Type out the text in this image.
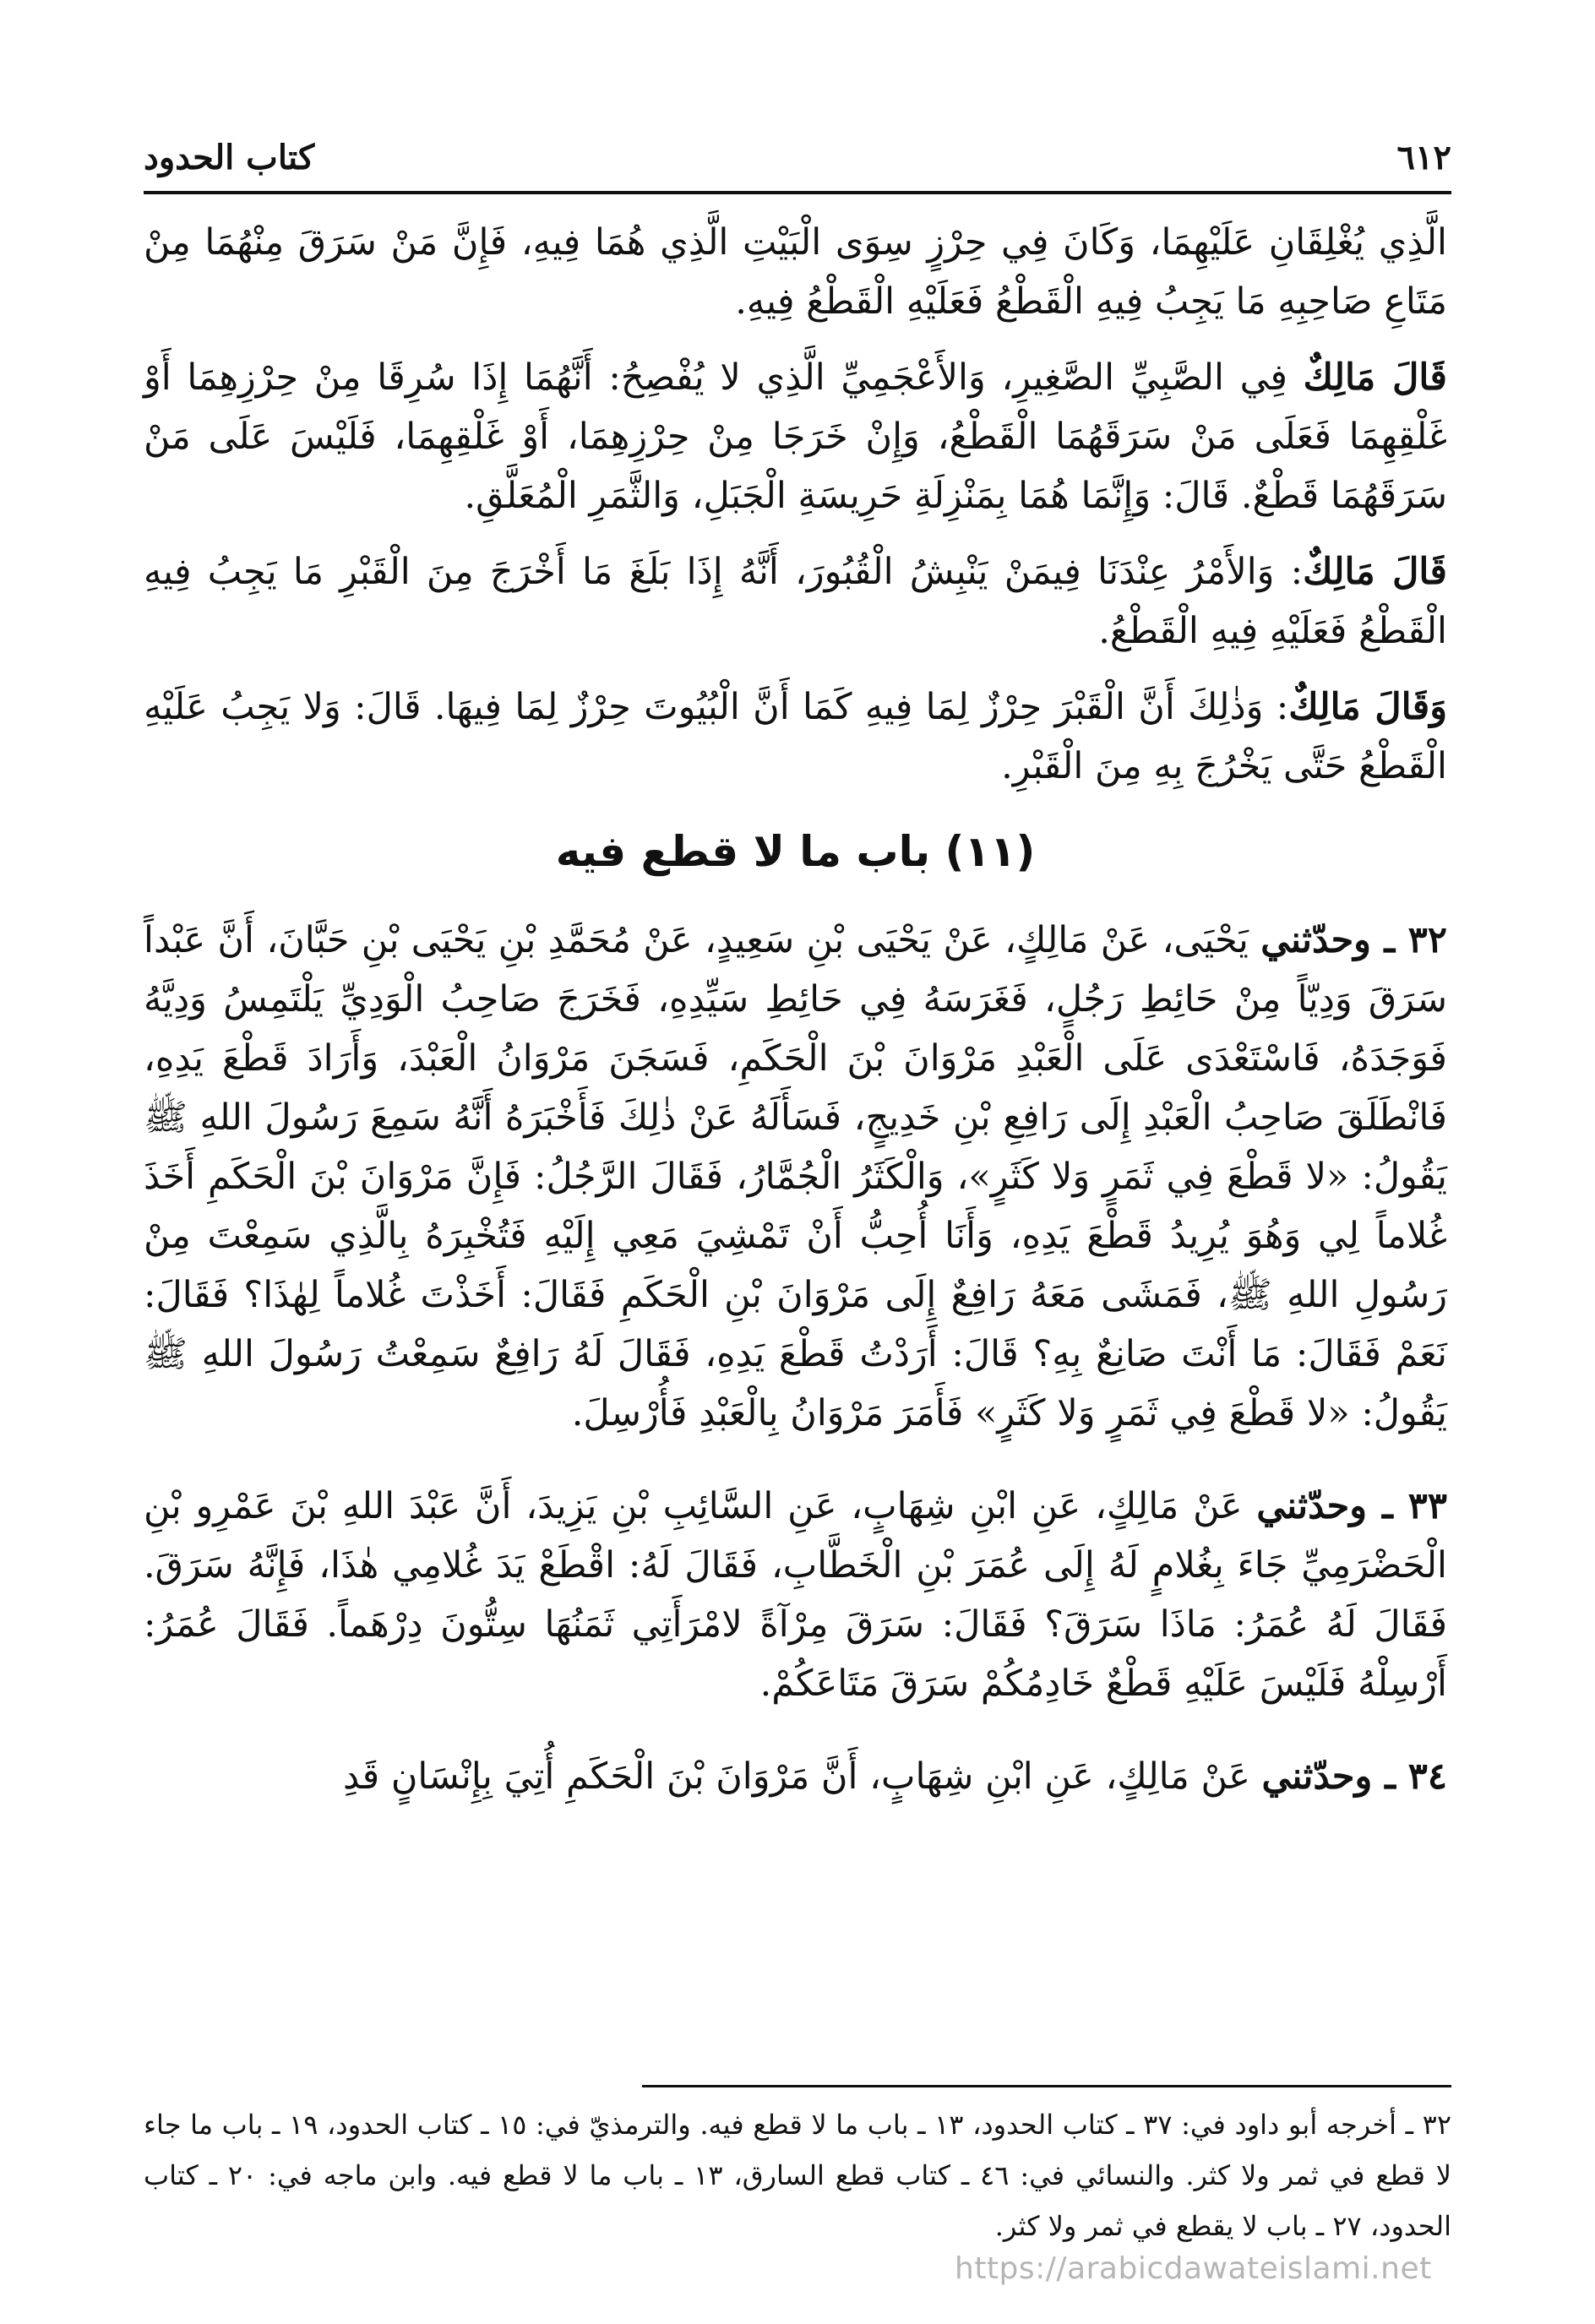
٦١٢
كتاب الحدود

الَّذِي يُغْلِقَانِ عَلَيْهِمَا، وَكَانَ فِي حِرْزٍ سِوَى الْبَيْتِ الَّذِي هُمَا فِيهِ، فَإِنَّ مَنْ سَرَقَ مِنْهُمَا مِنْ مَتَاعِ صَاحِبِهِ مَا يَجِبُ فِيهِ الْقَطْعُ فَعَلَيْهِ الْقَطْعُ فِيهِ.

قَالَ مَالِكٌ فِي الصَّبِيِّ الصَّغِيرِ، وَالأَعْجَمِيِّ الَّذِي لا يُفْصِحُ: أَنَّهُمَا إِذَا سُرِقَا مِنْ حِرْزِهِمَا أَوْ غَلْقِهِمَا فَعَلَى مَنْ سَرَقَهُمَا الْقَطْعُ، وَإِنْ خَرَجَا مِنْ حِرْزِهِمَا، أَوْ غَلْقِهِمَا، فَلَيْسَ عَلَى مَنْ سَرَقَهُمَا قَطْعٌ. قَالَ: وَإِنَّمَا هُمَا بِمَنْزِلَةِ حَرِيسَةِ الْجَبَلِ، وَالثَّمَرِ الْمُعَلَّقِ.

قَالَ مَالِكٌ: وَالأَمْرُ عِنْدَنَا فِيمَنْ يَنْبِشُ الْقُبُورَ، أَنَّهُ إِذَا بَلَغَ مَا أَخْرَجَ مِنَ الْقَبْرِ مَا يَجِبُ فِيهِ الْقَطْعُ فَعَلَيْهِ فِيهِ الْقَطْعُ.

وَقَالَ مَالِكٌ: وَذٰلِكَ أَنَّ الْقَبْرَ حِرْزٌ لِمَا فِيهِ كَمَا أَنَّ الْبُيُوتَ حِرْزٌ لِمَا فِيهَا. قَالَ: وَلا يَجِبُ عَلَيْهِ الْقَطْعُ حَتَّى يَخْرُجَ بِهِ مِنَ الْقَبْرِ.

(١١) باب ما لا قطع فيه

٣٢ ـ وحدّثني يَحْيَى، عَنْ مَالِكٍ، عَنْ يَحْيَى بْنِ سَعِيدٍ، عَنْ مُحَمَّدِ بْنِ يَحْيَى بْنِ حَبَّانَ، أَنَّ عَبْداً سَرَقَ وَدِيّاً مِنْ حَائِطِ رَجُلٍ، فَغَرَسَهُ فِي حَائِطِ سَيِّدِهِ، فَخَرَجَ صَاحِبُ الْوَدِيِّ يَلْتَمِسُ وَدِيَّهُ فَوَجَدَهُ، فَاسْتَعْدَى عَلَى الْعَبْدِ مَرْوَانَ بْنَ الْحَكَمِ، فَسَجَنَ مَرْوَانُ الْعَبْدَ، وَأَرَادَ قَطْعَ يَدِهِ، فَانْطَلَقَ صَاحِبُ الْعَبْدِ إِلَى رَافِعِ بْنِ خَدِيجٍ، فَسَأَلَهُ عَنْ ذٰلِكَ فَأَخْبَرَهُ أَنَّهُ سَمِعَ رَسُولَ اللهِ ﷺ يَقُولُ: «لا قَطْعَ فِي ثَمَرٍ وَلا كَثَرٍ»، وَالْكَثَرُ الْجُمَّارُ، فَقَالَ الرَّجُلُ: فَإِنَّ مَرْوَانَ بْنَ الْحَكَمِ أَخَذَ غُلاماً لِي وَهُوَ يُرِيدُ قَطْعَ يَدِهِ، وَأَنَا أُحِبُّ أَنْ تَمْشِيَ مَعِي إِلَيْهِ فَتُخْبِرَهُ بِالَّذِي سَمِعْتَ مِنْ رَسُولِ اللهِ ﷺ، فَمَشَى مَعَهُ رَافِعٌ إِلَى مَرْوَانَ بْنِ الْحَكَمِ فَقَالَ: أَخَذْتَ غُلاماً لِهٰذَا؟ فَقَالَ: نَعَمْ فَقَالَ: مَا أَنْتَ صَانِعٌ بِهِ؟ قَالَ: أَرَدْتُ قَطْعَ يَدِهِ، فَقَالَ لَهُ رَافِعٌ سَمِعْتُ رَسُولَ اللهِ ﷺ يَقُولُ: «لا قَطْعَ فِي ثَمَرٍ وَلا كَثَرٍ» فَأَمَرَ مَرْوَانُ بِالْعَبْدِ فَأُرْسِلَ.

٣٣ ـ وحدّثني عَنْ مَالِكٍ، عَنِ ابْنِ شِهَابٍ، عَنِ السَّائِبِ بْنِ يَزِيدَ، أَنَّ عَبْدَ اللهِ بْنَ عَمْرِو بْنِ الْحَضْرَمِيِّ جَاءَ بِغُلامٍ لَهُ إِلَى عُمَرَ بْنِ الْخَطَّابِ، فَقَالَ لَهُ: اقْطَعْ يَدَ غُلامِي هٰذَا، فَإِنَّهُ سَرَقَ. فَقَالَ لَهُ عُمَرُ: مَاذَا سَرَقَ؟ فَقَالَ: سَرَقَ مِرْآةً لامْرَأَتِي ثَمَنُهَا سِتُّونَ دِرْهَماً. فَقَالَ عُمَرُ: أَرْسِلْهُ فَلَيْسَ عَلَيْهِ قَطْعٌ خَادِمُكُمْ سَرَقَ مَتَاعَكُمْ.

٣٤ ـ وحدّثني عَنْ مَالِكٍ، عَنِ ابْنِ شِهَابٍ، أَنَّ مَرْوَانَ بْنَ الْحَكَمِ أُتِيَ بِإِنْسَانٍ قَدِ

٣٢ ـ أخرجه أبو داود في: ٣٧ ـ كتاب الحدود، ١٣ ـ باب ما لا قطع فيه. والترمذيّ في: ١٥ ـ كتاب الحدود، ١٩ ـ باب ما جاء لا قطع في ثمر ولا كثر. والنسائي في: ٤٦ ـ كتاب قطع السارق، ١٣ ـ باب ما لا قطع فيه. وابن ماجه في: ٢٠ ـ كتاب الحدود، ٢٧ ـ باب لا يقطع في ثمر ولا كثر.

https://arabicdawateislami.net
